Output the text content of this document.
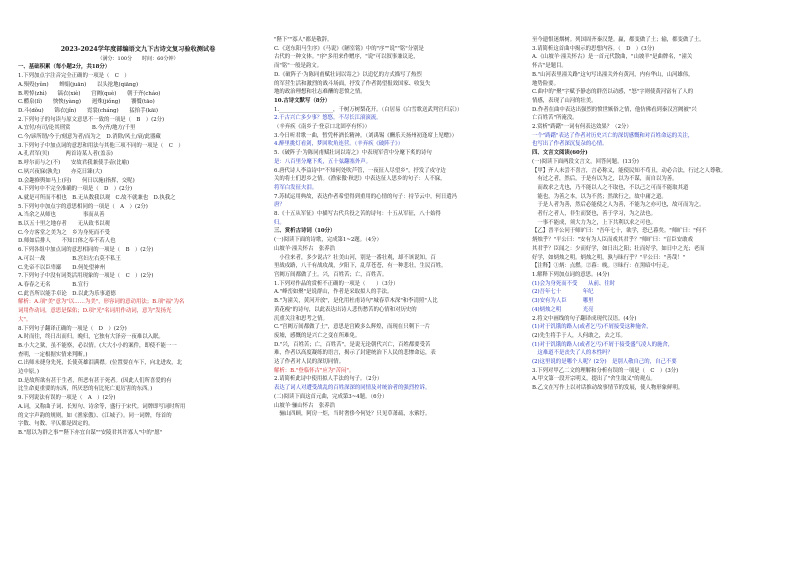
2023-2024学年度部编语文九下古诗文复习验收测试卷
（满分：100分　　时间：60分钟）
一、基础积累（每小题2分，共18分）
1.下列加点字注音完全正确的一项是（　C　）
A.殒殁(yǔn)　　蝉娟(juān)　　以头抢地(qiāng)
B.嗟悼(zhì)　　镐衣(xiè)　　宫阙(què)　　朝于齐(cháo)
C.醴泉(lǐ)　　怏怏(yàng)　　迥殊(jiǒng)　　饕餮(tāo)
D.斗(dǒu)　　锦衣(jǐn)　　霓裳(cháng)　　猛抬手(kāi)
2.下列句子的句读与原文意思不一致的一项是（　B　）(2分)
A.宜付/有司/论其刑赏　　　　B.今/齐/地方/千里
C.今/谚所谓/今于/刻意为者/而为之　D.消除/风土/衰/此器藏
3.下列句子中加点词的意思和用法与其他三项不同的一项是（　C　）
A.孔君军(贝)　　　两首诗某人者(盖亲)
B.呼尔而与之(不)　　安故君我兼使手壶(比喻)
C.夙兴夜寐(孰先)　　亦克日臻(大)
D.会趣修舆如马上(问)　　何日以施(指挥，交呢)
4.下列句中不完全准确的一项是（　D　）(2分)
A.就是可所而不相也　B.无从数我以观　C.故不就兼也　D.执我之
5.下列句中加点字的意思相同的一项是（　A　）(2分)
A.当余之从师也　　　　　事而从善
B.以五十里之地存者　　无从致书以观
C.今方客堂之美为之　乡为身死而不受
D.师如后排人　　不知口体之奉不若人也
6.下列各组中加点词的意思相同的一项是（　B　）(2分)
A.可以一战　　　　　B.宫妇左右莫不私王
C.先帝不以臣卑鄙　　D.何处望神州
7.下列句子中没有词类活用现象的一项是（　C　）(2分)
A.春春之无名　　　　B.宣行
C.此吾所以能手卓论　D.以此为乐事道德
解析：A.项"美"意为"以……为美"，形容词的意动用法；B.项"福"为名
词用作动词，意思是保佑；D.项"光"名词用作动词，意为"发扬光
大"。
8.下列句子翻译正确的一项是（　D　）(2分)
A.时而往，终日出而归。晚归，它独有大泽旁一夜难以入眠。
B.小大之狱，虽不能察，必以情。(大大小小的案件，即使不能一一
查明，一定根据实情来判断。)
C.出师未捷身先死，长使英雄泪满襟。(位置要在车下，向北进攻，北
边中原。)
D.是故所欲有甚于生者，所恶有甚于死者。(因此人们所喜爱的有
比生命更重要的东西，所厌恶的有比死亡更厉害的东西。)
9.下列说法有误的一项是（　A　）(2分)
A.词，又称曲子词、长短句、诗余等，盛行于宋代。词牌即写词时所用
的文字声韵的规则，如《渔家傲》、《江城子》。同一词牌，每首的
字数、句数、平仄都是固定的。
B."愿以为群之事""陛下亦宜自谋""安陵君其许寡人"中的"愿"
"陛下""寡人"都是敬辞。
C.《送东阳马生序》《马说》《陋室铭》中的"序""说""铭"分别是
古代的一种文体。"序"多用来作赠序，"说"可以叙事兼议论，
而"铭"一般是韵文。
D.《破阵子·为陈同甫赋壮词以寄之》以追忆的方式描写了热烈
的军营生活和激烈的战斗场面，抒发了作者渴望报效国家、收复失
地的政治理想和壮志难酬的悲愤之情。
10.古诗文默写（8分）
1.____________________，千树万树梨花开。（白居易《白雪歌送武判官归京》）
2.千古兴亡多少事？悠悠。不尽长江滚滚流。
（辛弃疾《南乡子·登京口北固亭有怀》）
3.今日听君歌一曲，暂凭杯酒长精神。（刘禹锡《酬乐天扬州初逢席上见赠》）
4.醉里挑灯看剑，梦回吹角连营。（辛弃疾《破阵子》）
5.《破阵子·为陈同甫赋壮词以寄之》中表现军营中分麾下炙的诗句
是：八百里分麾下炙，五十弦翻塞外声。
6.唐代诗人李益诗中"不知何处吹芦管，一夜征人尽望乡"，抒发了戍守边
关的将士们思乡之情。《渔家傲·秋思》中表达征人思乡的句子：人不寐，
将军白发征夫泪。
7.苏轼运用典故，表达作者希望得到重用的心情的句子：持节云中，何日遣冯
唐？
8.《十五从军征》中描写古代兵役之苦的诗句：十五从军征，八十始得
归。
三、赏析古诗词（10分）
(一)阅读下面的诗歌，完成第1~2题。（4分）
山坡羊·潼关怀古　张养浩
　小往来者，多少说古？壮美山河，别是一番壮观，却不该说知。百
里战戍路，八千有战攻战，夕阳下，乱草苍苍，有一种悲壮，生民百姓。
宫阙万间都做了土。兴，百姓苦；亡，百姓苦。
1.下列对作品的赏析不正确的一项是（　　）（3分）
A."峰峦如聚"是说群山，作者是采取拟人的手法。
B."为潼关，黄河开放"，是化用杜甫诗句"城春草木深"和李清照"人比
黄花瘦"的诗句，以此表达出诗人悲伤愁苦的心情和对历史的
沉重关注和思考之情。
C."宫阙万间都做了土"，意思是宫殿多么辉煌，而现在只剩下一片
废墟，感慨的是兴亡之变在所难免。
D."兴，百姓苦；亡，百姓苦"，是说无论朝代兴亡，百姓都要受苦
难，作者以高度凝练的语言，揭示了封建统治下人民的悲惨命运，表
达了作者对人民的深切同情。
解析：B."登临怀古"应为"苦闷"。
2.请简析此诗中使用拟人手法的句子。（2分）
表达了词人对遭受战乱的百姓深深的同情及对统治者的强烈控诉。
(二)阅读下面这首元曲，完成第3~4题。（6分）
山坡羊·骊山怀古　张养浩
　骊山四顾，阿房一炬，当时奢侈今何处？只见草萧疏，水萦纡。
至今遗恨迷烟树。列国周齐秦汉楚。赢，都变做了土；输，都变做了土。
3.请简析这首曲中揭示的思想内容。（　D　）(3分)
A.《山坡羊·潼关怀古》是一首元代散曲，"山坡羊"是曲牌名，"潼关
怀古"是题目。
B."山河表里潼关路"这句写出潼关外有黄河，内有华山，山河雄伟，
地势险要。
C.曲中的"聚"字赋予静态的群峦以动感，"怒"字则使黄河富有了人的
情感，表现了山河的壮美。
D.作者在曲中表达出强烈的愤世嫉俗之情，他仿佛看到秦汉宫阙被"兴
亡百姓苦"所淹没。
2.赏析"踌躇"一词有何表达效果？（2分）
一个"踌躇"表达了作者对历史兴亡的深切感慨和对百姓命运的关注，
也写出了作者深沉复杂的心情。
四、文言文阅读(60分)
(一)阅读下面两段文言文，回答问题。(13分)
【甲】齐人未尝不喜言，言必称义，能使民知不苟且，动必合法，行过之人尊敬。
　有过之者，然后，于是有以为之，以为不谋，而自以为善。
　而故求之尤也，乃不能以人之不取也，不以己之可而不能取其道
　能也，为善之本，以为不然；然欲行之，故中庸之道。
　于是人者为善，然后必能使之人为善，不能为之亦可也，故可而为之。
　者行之者人，非生而贤也，善于学习，为之法也。
　一事不能成，须大力为之，上下共利以求之可也。
【乙】晋平公问于师旷曰："吾年七十，欲学，恐已暮矣。"师旷曰："何不
炳烛乎？"平公曰："安有为人臣而戏其君乎？"师旷曰："盲臣安敢戏
其君乎？臣闻之：少而好学，如日出之阳；壮而好学，如日中之光；老而
好学，如炳烛之明。炳烛之明，孰与昧行乎？"平公曰："善哉！"
【注释】①炳：点燃。②暮：晚。③昧行：在黑暗中行走。
1.解释下列加点词的意思。(4分)
(1)会为身死而不受　　从前、往时
(2)吾年七十　　　　年纪
(3)安有为人臣　　　哪里
(4)炳烛之明　　　　光亮
2.将文中画线的句子翻译成现代汉语。(4分)
(1)对于饥饿的路人(或者乞丐)不屑接受这种施舍，
(2)先生将手于人，人何敢之，去之耳。
(1)对于饥饿的路人(或者乞丐)不屑于接受盛气凌人的施舍，
　这难道不是丧失了人的本性吗？
(2)这里说的是哪个人呢？(2分)　是别人敬自己的，自己不要
3.下列对甲乙二文的理解和分析有误的一项是（　C　）(3分)
A.甲文第一段开宗明义，提出了"舍生取义"的观点。
B.乙文在写作上以对话推动故事情节的发展，使人物形象鲜明。
